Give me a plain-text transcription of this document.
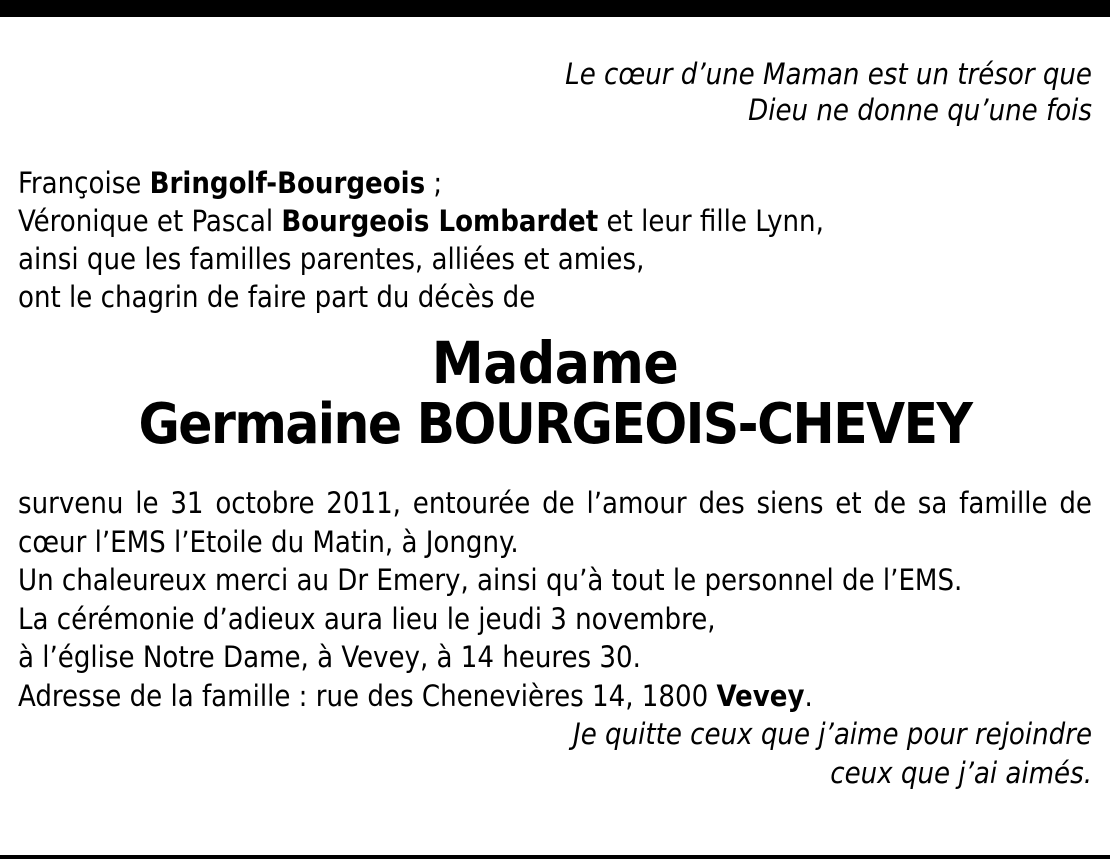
Le cœur d’une Maman est un trésor que
Dieu ne donne qu’une fois
Françoise Bringolf-Bourgeois ;
Véronique et Pascal Bourgeois Lombardet et leur fille Lynn,
ainsi que les familles parentes, alliées et amies,
ont le chagrin de faire part du décès de
Madame
Germaine BOURGEOIS-CHEVEY
survenu le 31 octobre 2011, entourée de l’amour des siens et de sa famille de cœur l’EMS l’Etoile du Matin, à Jongny.
Un chaleureux merci au Dr Emery, ainsi qu’à tout le personnel de l’EMS.
La cérémonie d’adieux aura lieu le jeudi 3 novembre,
à l’église Notre Dame, à Vevey, à 14 heures 30.
Adresse de la famille : rue des Chenevières 14, 1800 Vevey.
Je quitte ceux que j’aime pour rejoindre
ceux que j’ai aimés.
